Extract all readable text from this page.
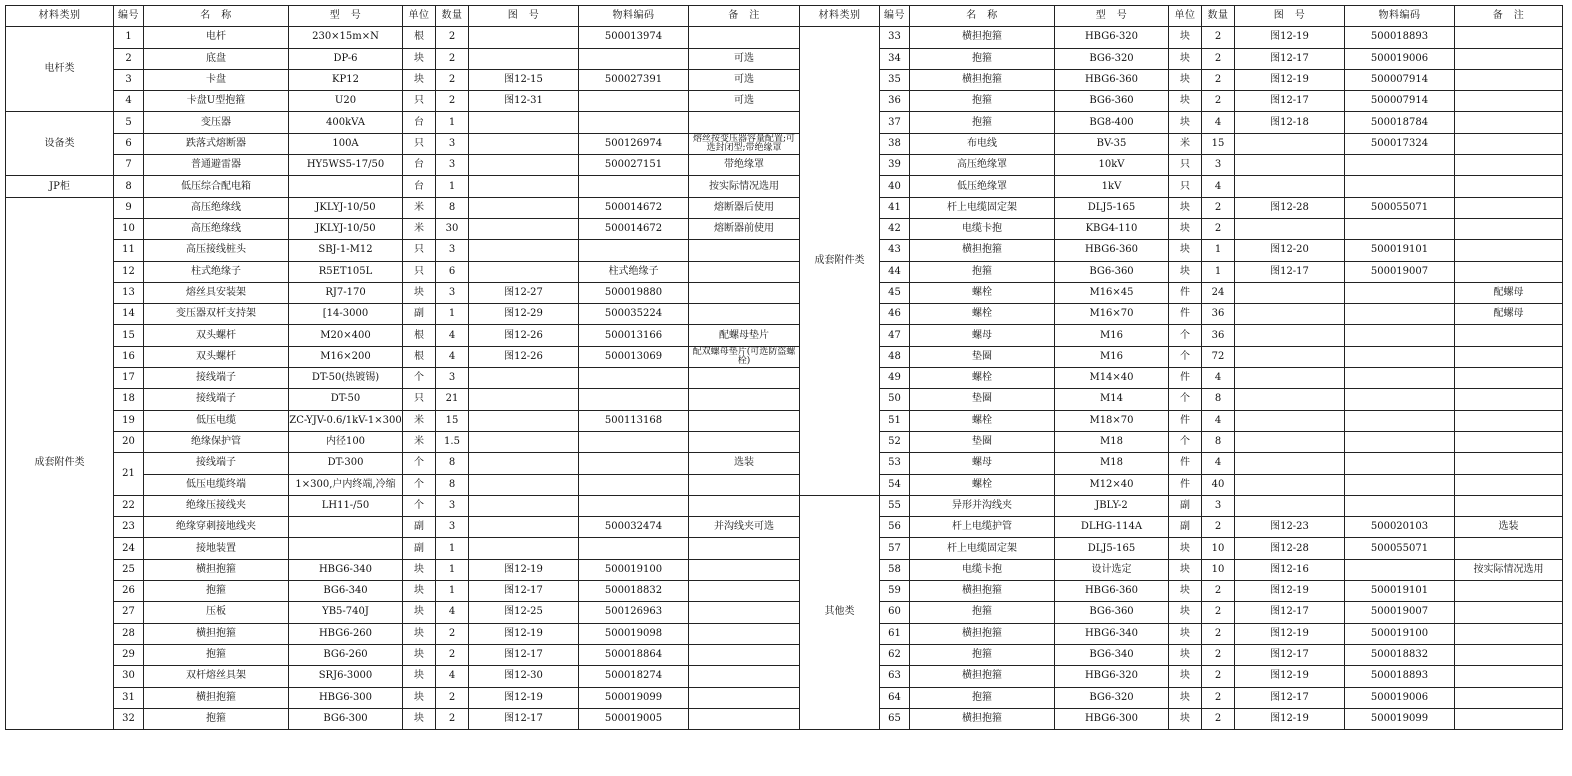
材料类别	编号	名　称	型　号	单位	数量	图　号	物料编码	备　注
电杆类	1	电杆	230×15m×N	根	2		500013974	
	2	底盘	DP-6	块	2			可选
	3	卡盘	KP12	块	2	图12-15	500027391	可选
	4	卡盘U型抱箍	U20	只	2	图12-31		可选
设备类	5	变压器	400kVA	台	1			
	6	跌落式熔断器	100A	只	3		500126974	熔丝按变压器容量配置;可选封闭型;带绝缘罩
	7	普通避雷器	HY5WS5-17/50	台	3		500027151	带绝缘罩
JP柜	8	低压综合配电箱		台	1			按实际情况选用
成套附件类	9	高压绝缘线	JKLYJ-10/50	米	8		500014672	熔断器后使用
	10	高压绝缘线	JKLYJ-10/50	米	30		500014672	熔断器前使用
	11	高压接线桩头	SBJ-1-M12	只	3			
	12	柱式绝缘子	R5ET105L	只	6		柱式绝缘子	
	13	熔丝具安装架	RJ7-170	块	3	图12-27	500019880	
	14	变压器双杆支持架	[14-3000	副	1	图12-29	500035224	
	15	双头螺杆	M20×400	根	4	图12-26	500013166	配螺母垫片
	16	双头螺杆	M16×200	根	4	图12-26	500013069	配双螺母垫片(可选防盗螺栓)
	17	接线端子	DT-50(热镀锡)	个	3			
	18	接线端子	DT-50	只	21			
	19	低压电缆	ZC-YJV-0.6/1kV-1×300	米	15		500113168	
	20	绝缘保护管	内径100	米	1.5			
	21	接线端子	DT-300	个	8			选装
		低压电缆终端	1×300,户内终端,冷缩	个	8			
	22	绝缘压接线夹	LH11-/50	个	3			
	23	绝缘穿刺接地线夹		副	3		500032474	并沟线夹可选
	24	接地装置		副	1			
	25	横担抱箍	HBG6-340	块	1	图12-19	500019100	
	26	抱箍	BG6-340	块	1	图12-17	500018832	
	27	压板	YB5-740J	块	4	图12-25	500126963	
	28	横担抱箍	HBG6-260	块	2	图12-19	500019098	
	29	抱箍	BG6-260	块	2	图12-17	500018864	
	30	双杆熔丝具架	SRJ6-3000	块	4	图12-30	500018274	
	31	横担抱箍	HBG6-300	块	2	图12-19	500019099	
	32	抱箍	BG6-300	块	2	图12-17	500019005	
材料类别	编号	名　称	型　号	单位	数量	图　号	物料编码	备　注
成套附件类	33	横担抱箍	HBG6-320	块	2	图12-19	500018893	
	34	抱箍	BG6-320	块	2	图12-17	500019006	
	35	横担抱箍	HBG6-360	块	2	图12-19	500007914	
	36	抱箍	BG6-360	块	2	图12-17	500007914	
	37	抱箍	BG8-400	块	4	图12-18	500018784	
	38	布电线	BV-35	米	15		500017324	
	39	高压绝缘罩	10kV	只	3			
	40	低压绝缘罩	1kV	只	4			
	41	杆上电缆固定架	DLJ5-165	块	2	图12-28	500055071	
	42	电缆卡抱	KBG4-110	块	2			
	43	横担抱箍	HBG6-360	块	1	图12-20	500019101	
	44	抱箍	BG6-360	块	1	图12-17	500019007	
	45	螺栓	M16×45	件	24			配螺母
	46	螺栓	M16×70	件	36			配螺母
	47	螺母	M16	个	36			
	48	垫圈	M16	个	72			
	49	螺栓	M14×40	件	4			
	50	垫圈	M14	个	8			
	51	螺栓	M18×70	件	4			
	52	垫圈	M18	个	8			
	53	螺母	M18	件	4			
	54	螺栓	M12×40	件	40			
其他类	55	异形并沟线夹	JBLY-2	副	3			
	56	杆上电缆护管	DLHG-114A	副	2	图12-23	500020103	选装
	57	杆上电缆固定架	DLJ5-165	块	10	图12-28	500055071	
	58	电缆卡抱	设计选定	块	10	图12-16		按实际情况选用
	59	横担抱箍	HBG6-360	块	2	图12-19	500019101	
	60	抱箍	BG6-360	块	2	图12-17	500019007	
	61	横担抱箍	HBG6-340	块	2	图12-19	500019100	
	62	抱箍	BG6-340	块	2	图12-17	500018832	
	63	横担抱箍	HBG6-320	块	2	图12-19	500018893	
	64	抱箍	BG6-320	块	2	图12-17	500019006	
	65	横担抱箍	HBG6-300	块	2	图12-19	500019099	
